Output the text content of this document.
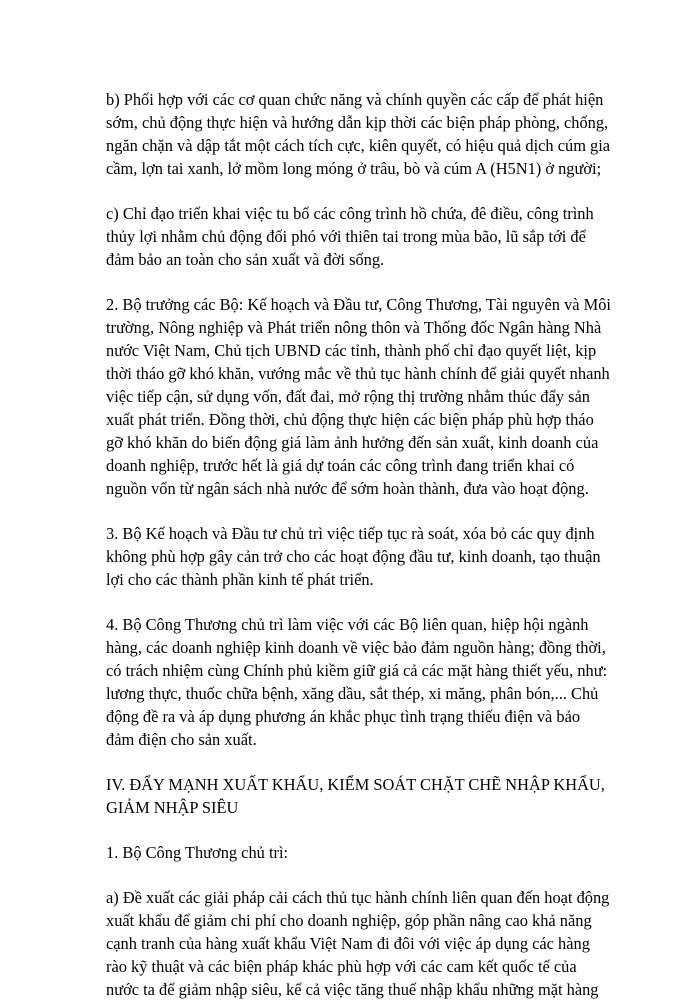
b) Phối hợp với các cơ quan chức năng và chính quyền các cấp để phát hiện
sớm, chủ động thực hiện và hướng dẫn kịp thời các biện pháp phòng, chống,
ngăn chặn và dập tắt một cách tích cực, kiên quyết, có hiệu quả dịch cúm gia
cầm, lợn tai xanh, lở mồm long móng ở trâu, bò và cúm A (H5N1) ở người;
c) Chỉ đạo triển khai việc tu bổ các công trình hồ chứa, đê điều, công trình
thủy lợi nhằm chủ động đối phó với thiên tai trong mùa bão, lũ sắp tới để
đảm bảo an toàn cho sản xuất và đời sống.
2. Bộ trưởng các Bộ: Kế hoạch và Đầu tư, Công Thương, Tài nguyên và Môi
trường, Nông nghiệp và Phát triển nông thôn và Thống đốc Ngân hàng Nhà
nước Việt Nam, Chủ tịch UBND các tỉnh, thành phố chỉ đạo quyết liệt, kịp
thời tháo gỡ khó khăn, vướng mắc về thủ tục hành chính để giải quyết nhanh
việc tiếp cận, sử dụng vốn, đất đai, mở rộng thị trường nhằm thúc đẩy sản
xuất phát triển. Đồng thời, chủ động thực hiện các biện pháp phù hợp tháo
gỡ khó khăn do biến động giá làm ảnh hưởng đến sản xuất, kinh doanh của
doanh nghiệp, trước hết là giá dự toán các công trình đang triển khai có
nguồn vốn từ ngân sách nhà nước để sớm hoàn thành, đưa vào hoạt động.
3. Bộ Kế hoạch và Đầu tư chủ trì việc tiếp tục rà soát, xóa bỏ các quy định
không phù hợp gây cản trở cho các hoạt động đầu tư, kinh doanh, tạo thuận
lợi cho các thành phần kinh tế phát triển.
4. Bộ Công Thương chủ trì làm việc với các Bộ liên quan, hiệp hội ngành
hàng, các doanh nghiệp kinh doanh về việc bảo đảm nguồn hàng; đồng thời,
có trách nhiệm cùng Chính phủ kiềm giữ giá cả các mặt hàng thiết yếu, như:
lương thực, thuốc chữa bệnh, xăng dầu, sắt thép, xi măng, phân bón,... Chủ
động đề ra và áp dụng phương án khắc phục tình trạng thiếu điện và bảo
đảm điện cho sản xuất.
IV. ĐẨY MẠNH XUẤT KHẨU, KIỂM SOÁT CHẶT CHẼ NHẬP KHẨU,
GIẢM NHẬP SIÊU
1. Bộ Công Thương chủ trì:
a) Đề xuất các giải pháp cải cách thủ tục hành chính liên quan đến hoạt động
xuất khẩu để giảm chi phí cho doanh nghiệp, góp phần nâng cao khả năng
cạnh tranh của hàng xuất khẩu Việt Nam đi đôi với việc áp dụng các hàng
rào kỹ thuật và các biện pháp khác phù hợp với các cam kết quốc tế của
nước ta để giảm nhập siêu, kể cả việc tăng thuế nhập khẩu những mặt hàng
